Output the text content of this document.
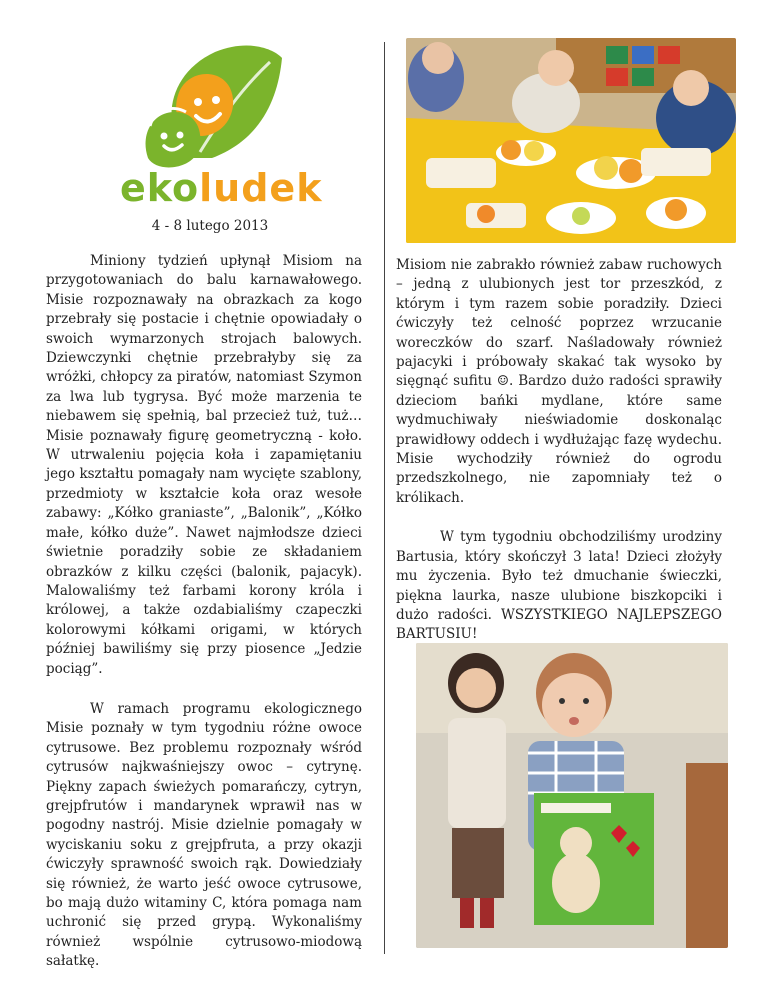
ekoludek
4 - 8 lutego 2013

Miniony tydzień upłynął Misiom na przygotowaniach do balu karnawałowego. Misie rozpoznawały na obrazkach za kogo przebrały się postacie i chętnie opowiadały o swoich wymarzonych strojach balowych. Dziewczynki chętnie przebrałyby się za wróżki, chłopcy za piratów, natomiast Szymon za lwa lub tygrysa. Być może marzenia te niebawem się spełnią, bal przecież tuż, tuż… Misie poznawały figurę geometryczną - koło. W utrwaleniu pojęcia koła i zapamiętaniu jego kształtu pomagały nam wycięte szablony, przedmioty w kształcie koła oraz wesołe zabawy: „Kółko graniaste”, „Balonik”, „Kółko małe, kółko duże”. Nawet najmłodsze dzieci świetnie poradziły sobie ze składaniem obrazków z kilku części (balonik, pajacyk). Malowaliśmy też farbami korony króla i królowej, a także ozdabialiśmy czapeczki kolorowymi kółkami origami, w których później bawiliśmy się przy piosence „Jedzie pociąg”.

W ramach programu ekologicznego Misie poznały w tym tygodniu różne owoce cytrusowe. Bez problemu rozpoznały wśród cytrusów najkwaśniejszy owoc – cytrynę. Piękny zapach świeżych pomarańczy, cytryn, grejpfrutów i mandarynek wprawił nas w pogodny nastrój. Misie dzielnie pomagały w wyciskaniu soku z grejpfruta, a przy okazji ćwiczyły sprawność swoich rąk. Dowiedziały się również, że warto jeść owoce cytrusowe, bo mają dużo witaminy C, która pomaga nam uchronić się przed grypą. Wykonaliśmy również wspólnie cytrusowo-miodową sałatkę.

Misiom nie zabrakło również zabaw ruchowych – jedną z ulubionych jest tor przeszkód, z którym i tym razem sobie poradziły. Dzieci ćwiczyły też celność poprzez wrzucanie woreczków do szarf. Naśladowały również pajacyki i próbowały skakać tak wysoko by sięgnąć sufitu ☺. Bardzo dużo radości sprawiły dzieciom bańki mydlane, które same wydmuchiwały nieświadomie doskonaląc prawidłowy oddech i wydłużając fazę wydechu. Misie wychodziły również do ogrodu przedszkolnego, nie zapomniały też o królikach.

W tym tygodniu obchodziliśmy urodziny Bartusia, który skończył 3 lata! Dzieci złożyły mu życzenia. Było też dmuchanie świeczki, piękna laurka, nasze ulubione biszkopciki i dużo radości. WSZYSTKIEGO NAJLEPSZEGO BARTUSIU!
